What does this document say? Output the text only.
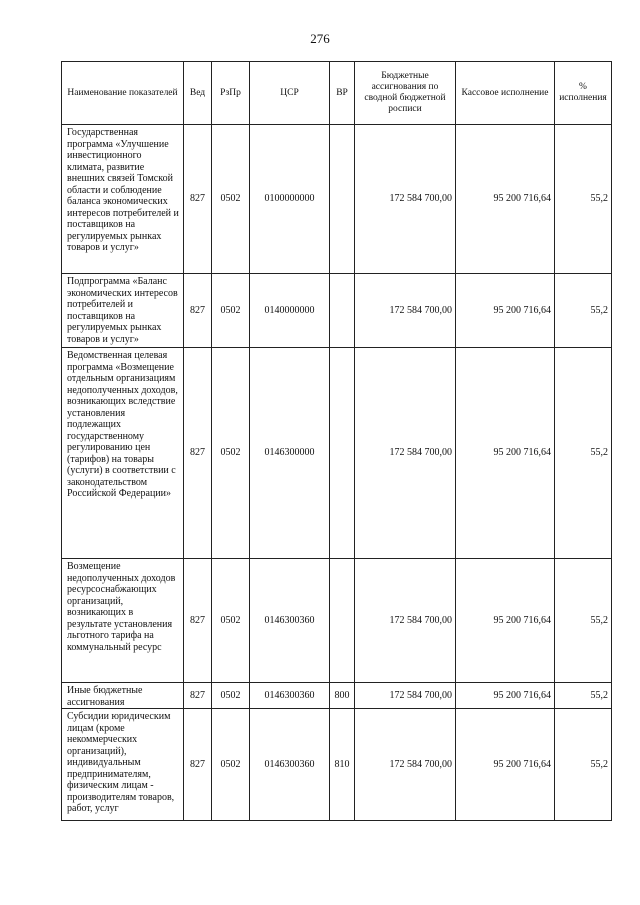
276
Наименование показателей	Вед	РзПр	ЦСР	ВР	Бюджетные ассигнования по сводной бюджетной росписи	Кассовое исполнение	% исполнения
Государственная программа «Улучшение инвестиционного климата, развитие внешних связей Томской области и соблюдение баланса экономических интересов потребителей и поставщиков на регулируемых рынках товаров и услуг»	827	0502	0100000000		172 584 700,00	95 200 716,64	55,2
Подпрограмма «Баланс экономических интересов потребителей и поставщиков на регулируемых рынках товаров и услуг»	827	0502	0140000000		172 584 700,00	95 200 716,64	55,2
Ведомственная целевая программа «Возмещение отдельным организациям недополученных доходов, возникающих вследствие установления подлежащих государственному регулированию цен (тарифов) на товары (услуги) в соответствии с законодательством Российской Федерации»	827	0502	0146300000		172 584 700,00	95 200 716,64	55,2
Возмещение недополученных доходов ресурсоснабжающих организаций, возникающих в результате установления льготного тарифа на коммунальный ресурс	827	0502	0146300360		172 584 700,00	95 200 716,64	55,2
Иные бюджетные ассигнования	827	0502	0146300360	800	172 584 700,00	95 200 716,64	55,2
Субсидии юридическим лицам (кроме некоммерческих организаций), индивидуальным предпринимателям, физическим лицам - производителям товаров, работ, услуг	827	0502	0146300360	810	172 584 700,00	95 200 716,64	55,2
